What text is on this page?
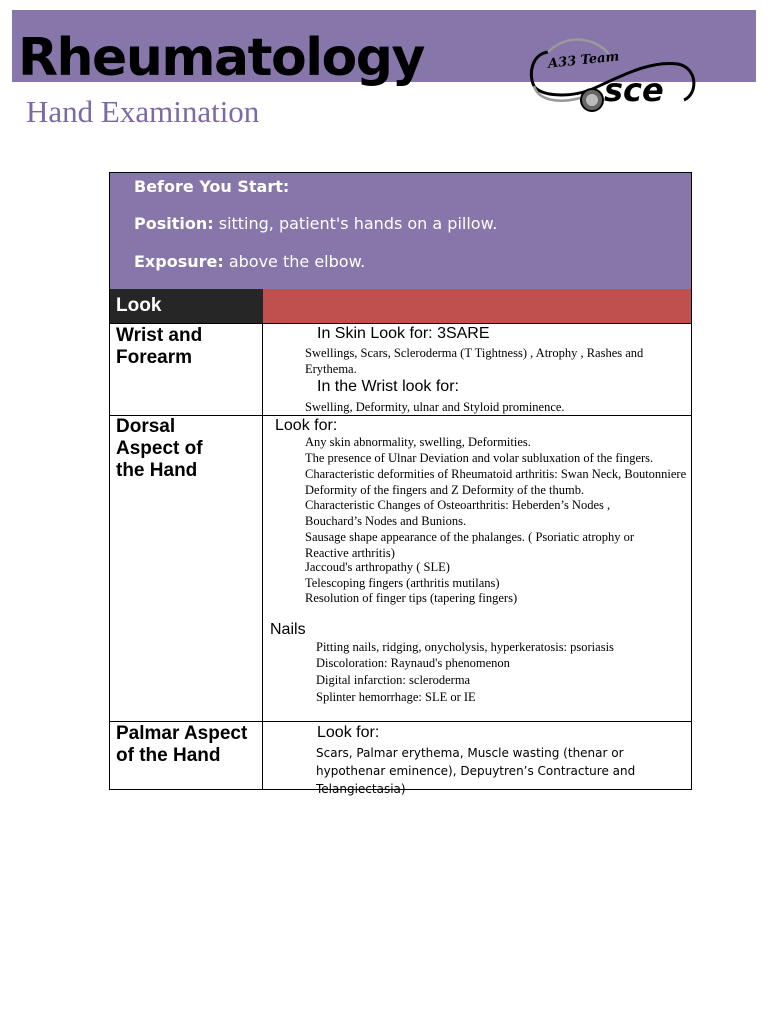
Rheumatology
Hand Examination
A33 Team
sce

Before You Start:

Position: sitting, patient's hands on a pillow.

Exposure: above the elbow.

Look

Wrist and Forearm

In Skin Look for: 3SARE

Swellings, Scars, Scleroderma (T Tightness) , Atrophy , Rashes and Erythema.

In the Wrist look for:

Swelling, Deformity, ulnar and Styloid prominence.

Dorsal Aspect of the Hand

Look for:

Any skin abnormality, swelling, Deformities.

The presence of Ulnar Deviation and volar subluxation of the fingers.

Characteristic deformities of Rheumatoid arthritis: Swan Neck, Boutonniere Deformity of the fingers and Z Deformity of the thumb.

Characteristic Changes of Osteoarthritis: Heberden’s Nodes , Bouchard’s Nodes and Bunions.

Sausage shape appearance of the phalanges. ( Psoriatic atrophy or Reactive arthritis)

Jaccoud's arthropathy ( SLE)

Telescoping fingers (arthritis mutilans)

Resolution of finger tips (tapering fingers)

Nails

Pitting nails, ridging, onycholysis, hyperkeratosis: psoriasis

Discoloration: Raynaud's phenomenon

Digital infarction: scleroderma

Splinter hemorrhage: SLE or IE

Palmar Aspect of the Hand

Look for:

Scars, Palmar erythema, Muscle wasting (thenar or hypothenar eminence), Depuytren’s Contracture and Telangiectasia)
